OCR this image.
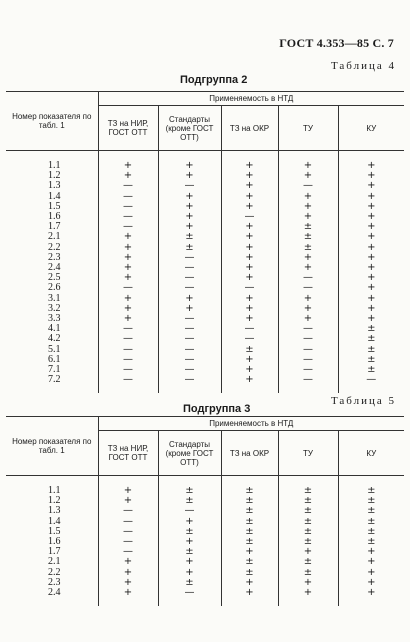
ГОСТ 4.353—85 С. 7
Таблица 4
Подгруппа 2
Номер показателя по табл. 1	Применяемость в НТД				
	ТЗ на НИР, ГОСТ ОТТ	Стандарты (кроме ГОСТ ОТТ)	ТЗ на ОКР	ТУ	КУ

1.1	+	+	+	+	+
1.2	+	+	+	+	+
1.3	—	—	+	—	+
1.4	—	+	+	+	+
1.5	—	+	+	+	+
1.6	—	+	—	+	+
1.7	—	+	+	±	+
2.1	+	±	+	±	+
2.2	+	±	+	±	+
2.3	+	—	+	+	+
2.4	+	—	+	+	+
2.5	+	—	+	—	+
2.6	—	—	—	—	+
3.1	+	+	+	+	+
3.2	+	+	+	+	+
3.3	+	—	+	+	+
4.1	—	—	—	—	±
4.2	—	—	—	—	±
5.1	—	—	±	—	±
6.1	—	—	+	—	±
7.1	—	—	+	—	±
7.2	—	—	+	—	—

Таблица 5
Подгруппа 3
Номер показателя по табл. 1	Применяемость в НТД				
	ТЗ на НИР, ГОСТ ОТТ	Стандарты (кроме ГОСТ ОТТ)	ТЗ на ОКР	ТУ	КУ

1.1	+	±	±	±	±
1.2	+	±	±	±	±
1.3	—	—	±	±	±
1.4	—	+	±	±	±
1.5	—	±	±	±	±
1.6	—	+	±	±	±
1.7	—	±	+	+	+
2.1	+	+	±	±	+
2.2	+	+	±	±	+
2.3	+	±	+	+	+
2.4	+	—	+	+	+
